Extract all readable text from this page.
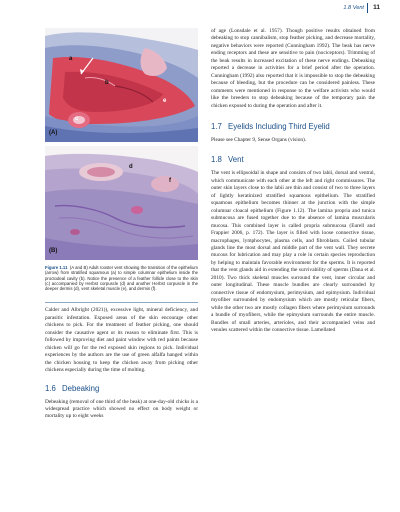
1.8 Vent 11
a
b
c
e
(A)
d
f
(B)
Figure 1.11 (A and B) Adult rooster vent showing the transition of the epithelium (arrow) from stratified squamous (a) to simple columnar epithelium inside the proctodeal cavity (b). Notice the presence of a feather follicle close to the skin (c) accompanied by Herbst corpuscle (d) and another Herbst corpuscle in the deeper dermis (d), vent skeletal muscle (e), and dermis (f).

Calder and Albright (2021)), excessive light, mineral deficiency, and parasitic infestation. Exposed areas of the skin encourage other chickens to pick. For the treatment of feather picking, one should consider the causative agent or its reason to eliminate first. This is followed by improving diet and paint window with red paints because chicken will go for the red exposed skin regions to pick. Individual experiences by the authors are the use of green alfalfa hanged within the chicken housing to keep the chicken away from picking other chickens especially during the time of molting.

1.6 Debeaking

Debeaking (removal of one third of the beak) at one-day-old chicks is a widespread practice which showed no effect on body weight or mortality up to eight weeks

of age (Lonsdale et al. 1957). Though positive results obtained from debeaking to stop cannibalism, stop feather picking, and decrease mortality, negative behaviors were reported (Cunningham 1992). The beak has nerve ending receptors and these are sensitive to pain (nociceptors). Trimming of the beak results in increased excitation of these nerve endings. Debeaking reported a decrease in activities for a brief period after the operation. Cunningham (1992) also reported that it is impossible to stop the debeaking because of bleeding, but the procedure can be considered painless. These comments were mentioned in response to the welfare activists who would like the breeders to stop debeaking because of the temporary pain the chicken exposed to during the operation and after it.

1.7 Eyelids Including Third Eyelid

Please see Chapter 9, Sense Organs (vision).

1.8 Vent

The vent is ellipsoidal in shape and consists of two labii, dorsal and ventral, which communicate with each other at the left and right commissures. The outer skin layers close to the labii are thin and consist of two to three layers of lightly keratinized stratified squamous epithelium. The stratified squamous epithelium becomes thinner at the junction with the simple columnar cloacal epithelium (Figure 1.12). The lamina propria and tunica submucosa are fused together due to the absence of lamina muscularis mucosa. This combined layer is called propria submucosa (Eurell and Frappier 2006, p. 172). The layer is filled with loose connective tissue, macrophages, lymphocytes, plasma cells, and fibroblasts. Coiled tubular glands line the most dorsal and middle part of the vent wall. They secrete mucous for lubrication and may play a role in certain species reproduction by helping to maintain favorable environment for the sperms. It is reported that the vent glands aid in extending the survivability of sperms (Dana et al. 2010). Two thick skeletal muscles surround the vent, inner circular and outer longitudinal. These muscle bundles are clearly surrounded by connective tissue of endomysium, perimysium, and epimysium. Individual myofiber surrounded by endomysium which are mostly reticular fibers, while the other two are mostly collagen fibers where perimysium surrounds a bundle of myofibers, while the epimysium surrounds the entire muscle. Bundles of small arteries, arterioles, and their accompanied veins and venules scattered within the connective tissue. Lamellated
